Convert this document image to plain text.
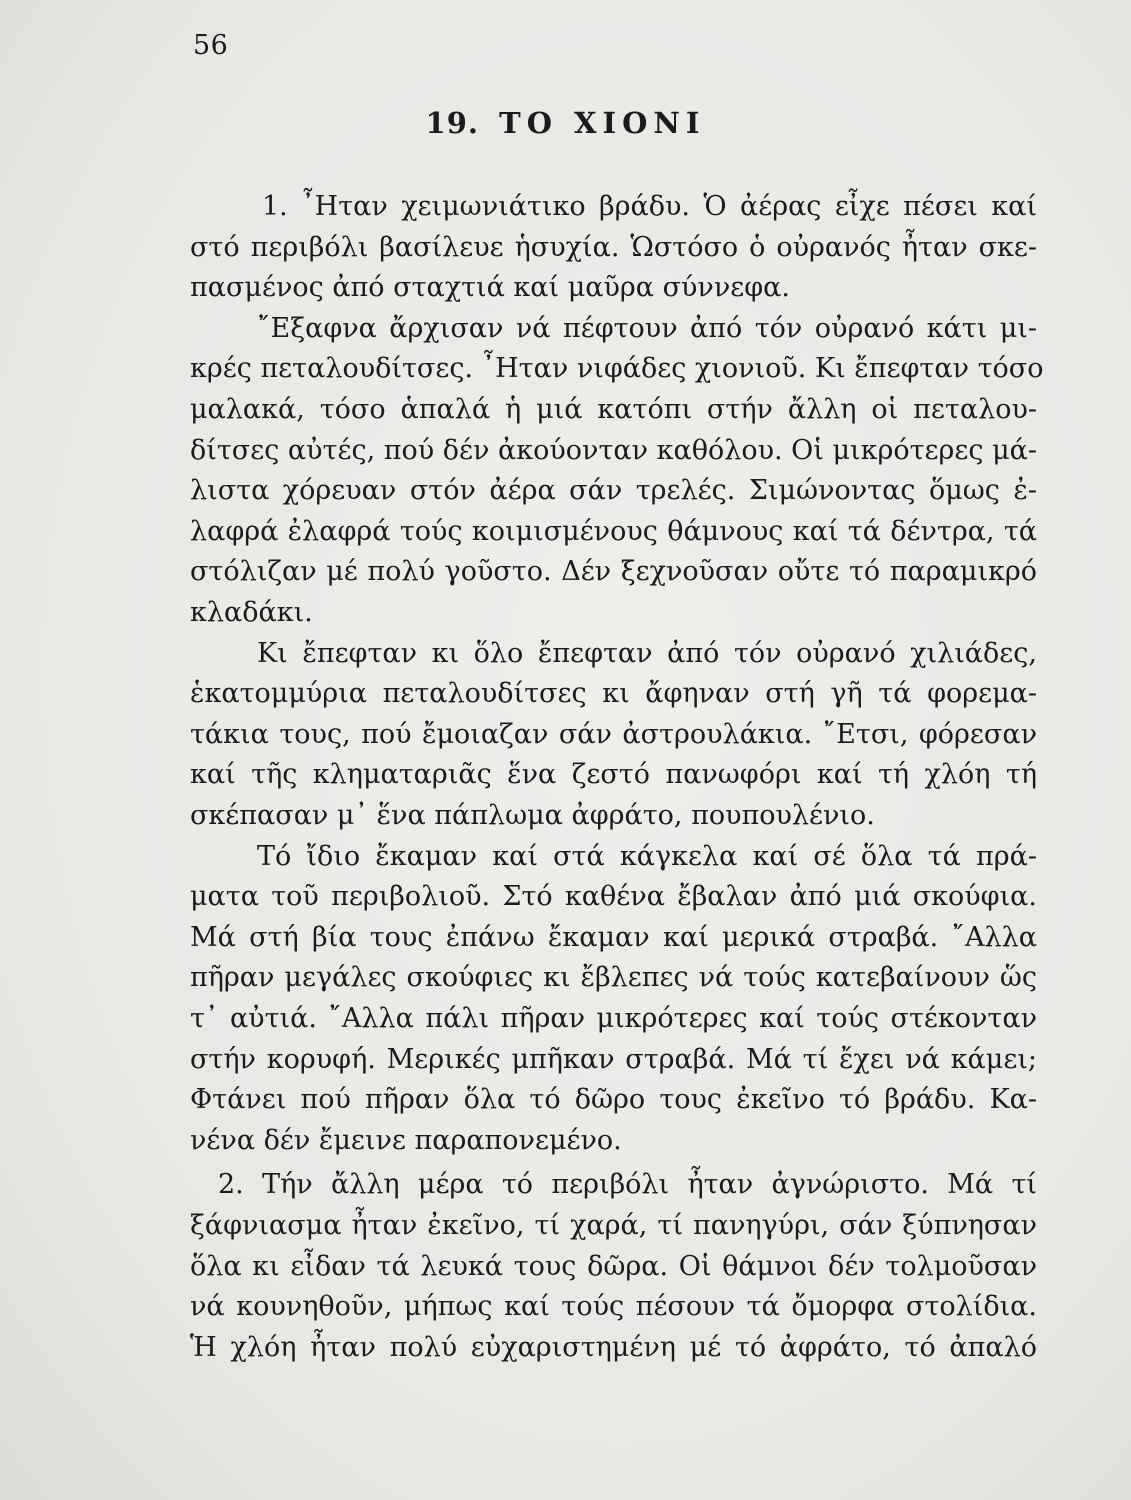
56
19. ΤΟ ΧΙΟΝΙ
1. ῏Ηταν χειμωνιάτικο βράδυ. Ὁ ἀέρας εἶχε πέσει καί
στό περιβόλι βασίλευε ἡσυχία. Ὡστόσο ὁ οὐρανός ἦταν σκε-
πασμένος ἀπό σταχτιά καί μαῦρα σύννεφα.
῎Εξαφνα ἄρχισαν νά πέφτουν ἀπό τόν οὐρανό κάτι μι-
κρές πεταλουδίτσες. ῏Ηταν νιφάδες χιονιοῦ. Κι ἔπεφταν τόσο
μαλακά, τόσο ἁπαλά ἡ μιά κατόπι στήν ἄλλη οἱ πεταλου-
δίτσες αὐτές, πού δέν ἀκούονταν καθόλου. Οἱ μικρότερες μά-
λιστα χόρευαν στόν ἀέρα σάν τρελές. Σιμώνοντας ὅμως ἐ-
λαφρά ἐλαφρά τούς κοιμισμένους θάμνους καί τά δέντρα, τά
στόλιζαν μέ πολύ γοῦστο. Δέν ξεχνοῦσαν οὔτε τό παραμικρό
κλαδάκι.
Κι ἔπεφταν κι ὅλο ἔπεφταν ἀπό τόν οὐρανό χιλιάδες,
ἑκατομμύρια πεταλουδίτσες κι ἄφηναν στή γῆ τά φορεμα-
τάκια τους, πού ἔμοιαζαν σάν ἀστρουλάκια. ῎Ετσι, φόρεσαν
καί τῆς κληματαριᾶς ἕνα ζεστό πανωφόρι καί τή χλόη τή
σκέπασαν μ᾿ ἕνα πάπλωμα ἀφράτο, πουπουλένιο.
Τό ἴδιο ἔκαμαν καί στά κάγκελα καί σέ ὅλα τά πρά-
ματα τοῦ περιβολιοῦ. Στό καθένα ἔβαλαν ἀπό μιά σκούφια.
Μά στή βία τους ἐπάνω ἔκαμαν καί μερικά στραβά. ῎Αλλα
πῆραν μεγάλες σκούφιες κι ἔβλεπες νά τούς κατεβαίνουν ὥς
τ᾿ αὐτιά. ῎Αλλα πάλι πῆραν μικρότερες καί τούς στέκονταν
στήν κορυφή. Μερικές μπῆκαν στραβά. Μά τί ἔχει νά κάμει;
Φτάνει πού πῆραν ὅλα τό δῶρο τους ἐκεῖνο τό βράδυ. Κα-
νένα δέν ἔμεινε παραπονεμένο.
2. Τήν ἄλλη μέρα τό περιβόλι ἦταν ἀγνώριστο. Μά τί
ξάφνιασμα ἦταν ἐκεῖνο, τί χαρά, τί πανηγύρι, σάν ξύπνησαν
ὅλα κι εἶδαν τά λευκά τους δῶρα. Οἱ θάμνοι δέν τολμοῦσαν
νά κουνηθοῦν, μήπως καί τούς πέσουν τά ὄμορφα στολίδια.
Ἡ χλόη ἦταν πολύ εὐχαριστημένη μέ τό ἀφράτο, τό ἀπαλό
